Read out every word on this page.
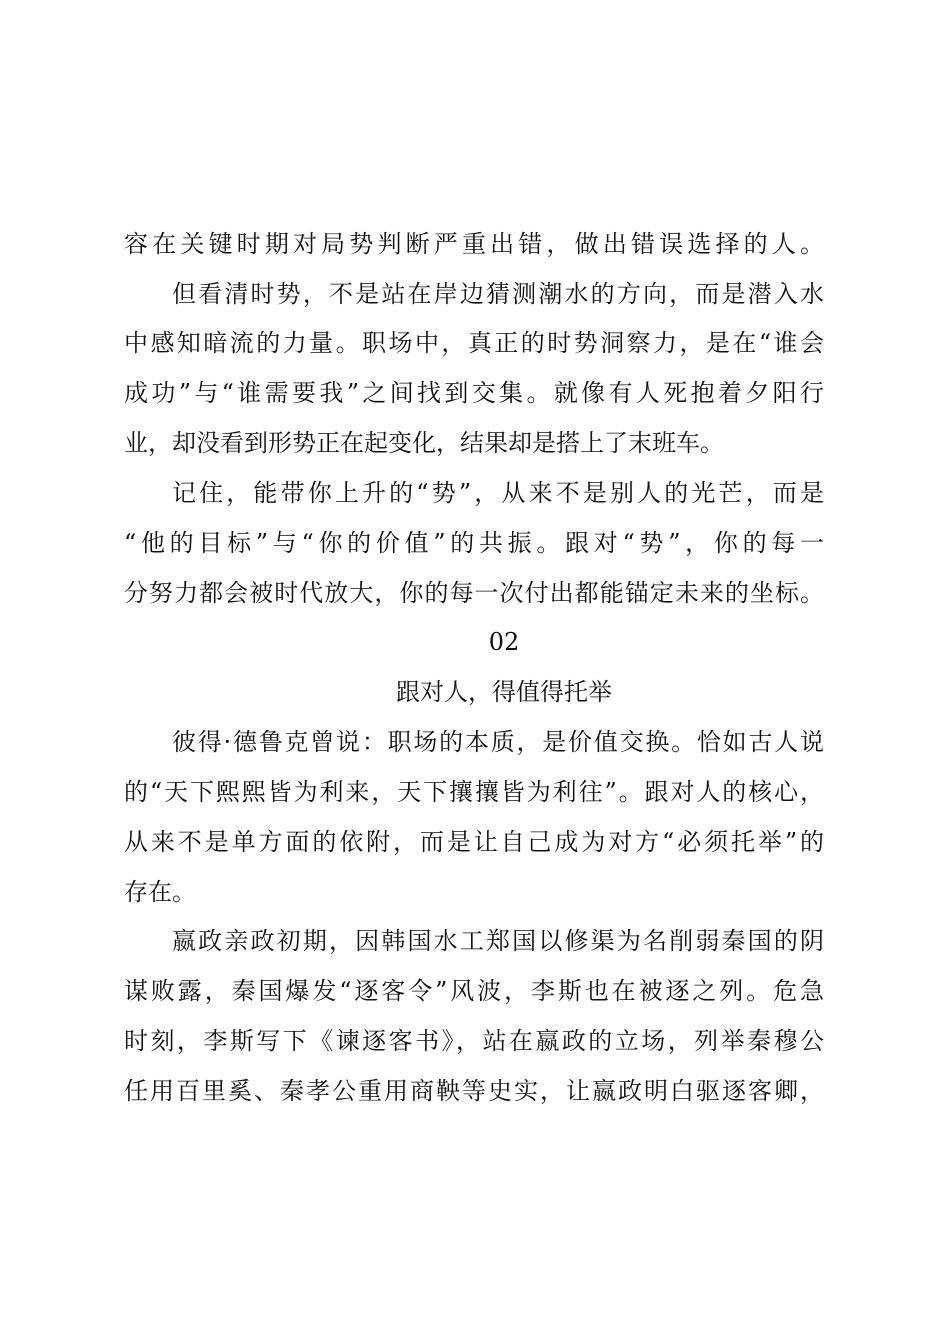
容在关键时期对局势判断严重出错，做出错误选择的人。
但看清时势，不是站在岸边猜测潮水的方向，而是潜入水
中感知暗流的力量。职场中，真正的时势洞察力，是在“谁会
成功”与“谁需要我”之间找到交集。就像有人死抱着夕阳行
业，却没看到形势正在起变化，结果却是搭上了末班车。
记住，能带你上升的“势”，从来不是别人的光芒，而是
“他的目标”与“你的价值”的共振。跟对“势”，你的每一
分努力都会被时代放大，你的每一次付出都能锚定未来的坐标。
02
跟对人，得值得托举
彼得·德鲁克曾说：职场的本质，是价值交换。恰如古人说
的“天下熙熙皆为利来，天下攘攘皆为利往”。跟对人的核心，
从来不是单方面的依附，而是让自己成为对方“必须托举”的
存在。
嬴政亲政初期，因韩国水工郑国以修渠为名削弱秦国的阴
谋败露，秦国爆发“逐客令”风波，李斯也在被逐之列。危急
时刻，李斯写下《谏逐客书》，站在嬴政的立场，列举秦穆公
任用百里奚、秦孝公重用商鞅等史实，让嬴政明白驱逐客卿，
